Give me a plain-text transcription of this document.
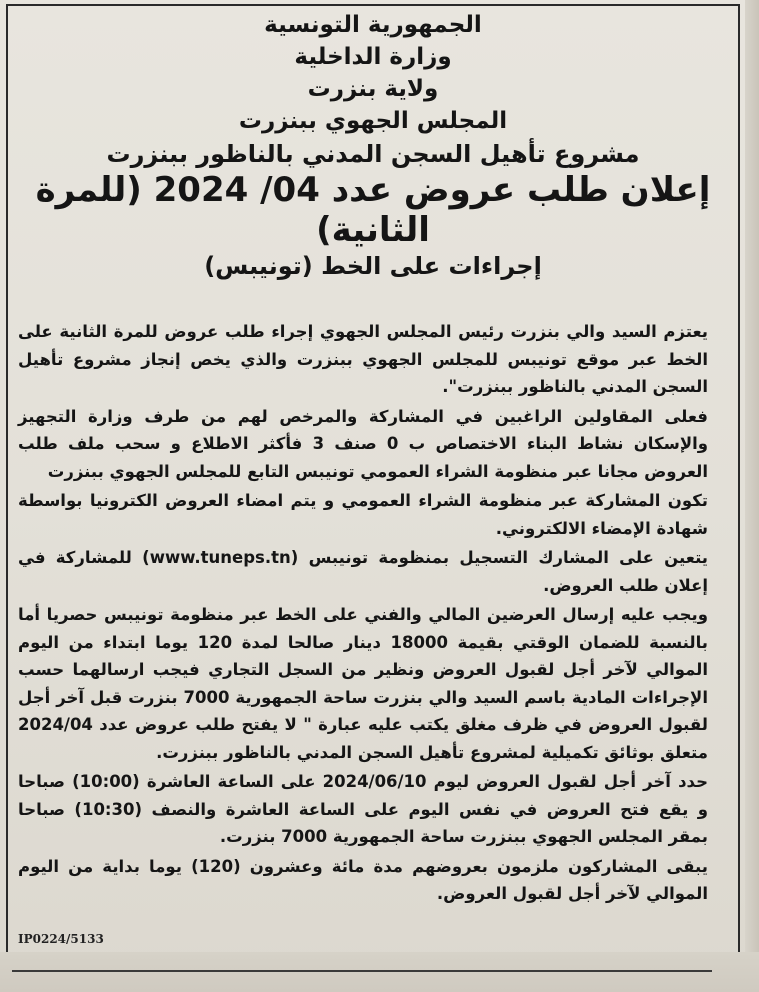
الجمهورية التونسية
وزارة الداخلية
ولاية بنزرت
المجلس الجهوي ببنزرت
مشروع تأهيل السجن المدني بالناظور ببنزرت
إعلان طلب عروض عدد 04/ 2024 (للمرة الثانية)
إجراءات على الخط (تونيبس)

يعتزم السيد والي بنزرت رئيس المجلس الجهوي إجراء طلب عروض للمرة الثانية على الخط عبر موقع تونيبس للمجلس الجهوي ببنزرت والذي يخص إنجاز مشروع تأهيل السجن المدني بالناظور ببنزرت".

فعلى المقاولين الراغبين في المشاركة والمرخص لهم من طرف وزارة التجهيز والإسكان نشاط البناء الاختصاص ب 0 صنف 3 فأكثر الاطلاع و سحب ملف طلب العروض مجانا عبر منظومة الشراء العمومي تونيبس التابع للمجلس الجهوي ببنزرت

تكون المشاركة عبر منظومة الشراء العمومي و يتم امضاء العروض الكترونيا بواسطة شهادة الإمضاء الالكتروني.

يتعين على المشارك التسجيل بمنظومة تونيبس (www.tuneps.tn) للمشاركة في إعلان طلب العروض.

ويجب عليه إرسال العرضين المالي والفني على الخط عبر منظومة تونيبس حصريا أما بالنسبة للضمان الوقتي بقيمة 18000 دينار صالحا لمدة 120 يوما ابتداء من اليوم الموالي لآخر أجل لقبول العروض ونظير من السجل التجاري فيجب ارسالهما حسب الإجراءات المادية باسم السيد والي بنزرت ساحة الجمهورية 7000 بنزرت قبل آخر أجل لقبول العروض في ظرف مغلق يكتب عليه عبارة " لا يفتح طلب عروض عدد 2024/04 متعلق بوثائق تكميلية لمشروع تأهيل السجن المدني بالناظور ببنزرت.

حدد آخر أجل لقبول العروض ليوم 2024/06/10 على الساعة العاشرة (10:00) صباحا و يقع فتح العروض في نفس اليوم على الساعة العاشرة والنصف (10:30) صباحا بمقر المجلس الجهوي ببنزرت ساحة الجمهورية 7000 بنزرت.

يبقى المشاركون ملزمون بعروضهم مدة مائة وعشرون (120) يوما بداية من اليوم الموالي لآخر أجل لقبول العروض.

IP0224/5133
